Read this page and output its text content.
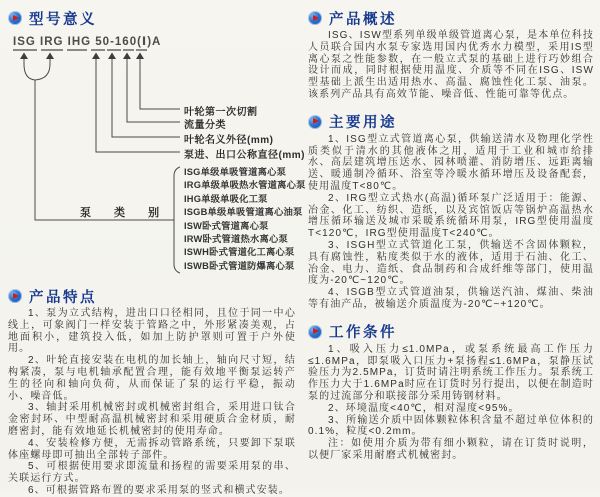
型号意义
ISG IRG IHG 50-160(Ⅰ)A
叶轮第一次切割
流量分类
叶轮名义外径(mm)
泵进、出口公称直径(mm)
泵 类 别
ISG单级单吸管道离心泵
IRG单级单吸热水管道离心泵
IHG单级单吸化工泵
ISGB单级单吸管道离心油泵
ISW卧式管道离心泵
IRW卧式管道热水离心泵
ISWH卧式管道化工离心泵
ISWB卧式管道防爆离心泵
产品特点

1、泵为立式结构，进出口口径相同，且位于同一中心线上，可象阀门一样安装于管路之中，外形紧凑美观，占地面积小，建筑投入低，如加上防护罩则可置于户外使用。

2、叶轮直接安装在电机的加长轴上，轴向尺寸短，结构紧凑，泵与电机轴承配置合理，能有效地平衡泵运转产生的径向和轴向负荷，从而保证了泵的运行平稳，振动小、噪音低。

3、轴封采用机械密封或机械密封组合，采用进口钛合金密封环、中型耐高温机械密封和采用硬质合金材质，耐磨密封，能有效地延长机械密封的使用寿命。

4、安装检修方便，无需拆动管路系统，只要卸下泵联体座螺母即可抽出全部转子部件。

5、可根据使用要求即流量和扬程的需要采用泵的串、关联运行方式。

6、可根据管路布置的要求采用泵的竖式和横式安装。

产品概述

ISG、ISW型系列单级单级管道离心泵，是本单位科技人员联合国内水泵专家选用国内优秀水力模型，采用IS型离心泵之性能参数，在一般立式泵的基础上进行巧妙组合设计而成，同时根据使用温度、介质等不同在ISG、ISW型基础上派生出适用热水、高温、腐蚀性化工泵、油泵。该系列产品具有高效节能、噪音低、性能可靠等优点。

主要用途

1、ISG型立式管道离心泵，供输送清水及物理化学性质类似于清水的其他液体之用，适用于工业和城市给排水、高层建筑增压送水、园林喷灌、消防增压、远距离输送、暖通制冷循环、浴室等冷暖水循环增压及设备配套，使用温度T<80℃。

2、IRG型立式热水(高温)循环泵广泛适用于：能源、冶金、化工、纺织、造纸，以及宾馆饭店等锅炉高温热水增压循环输送及城市采暖系统循环用泵，IRG型使用温度T<120℃，IRG型使用温度T<240℃。

3、ISGH型立式管道化工泵，供输送不含固体颗粒，具有腐蚀性，粘度类似于水的液体，适用于石油、化工、冶金、电力、造纸、食品制药和合成纤维等部门，使用温度为-20℃~120℃。

4、ISGB型立式管道油泵，供输送汽油、煤油、柴油等有油产品，被输送介质温度为-20℃~+120℃。

工作条件

1、吸入压力≤1.0MPa，或泵系统最高工作压力≤1.6MPa，即泵吸入口压力+泵扬程≤1.6MPa，泵静压试验压力为2.5MPa，订货时请注明系统工作压力。泵系统工作压力大于1.6MPa时应在订货时另行提出，以便在制造时泵的过流部分和联接部分采用铸钢材料。

2、环境温度<40℃，相对湿度<95%。

3、所输送介质中固体颗粒体积含量不超过单位体积的0.1%，粒度<0.2mm。

注：如使用介质为带有细小颗粒，请在订货时说明，以便厂家采用耐磨式机械密封。
